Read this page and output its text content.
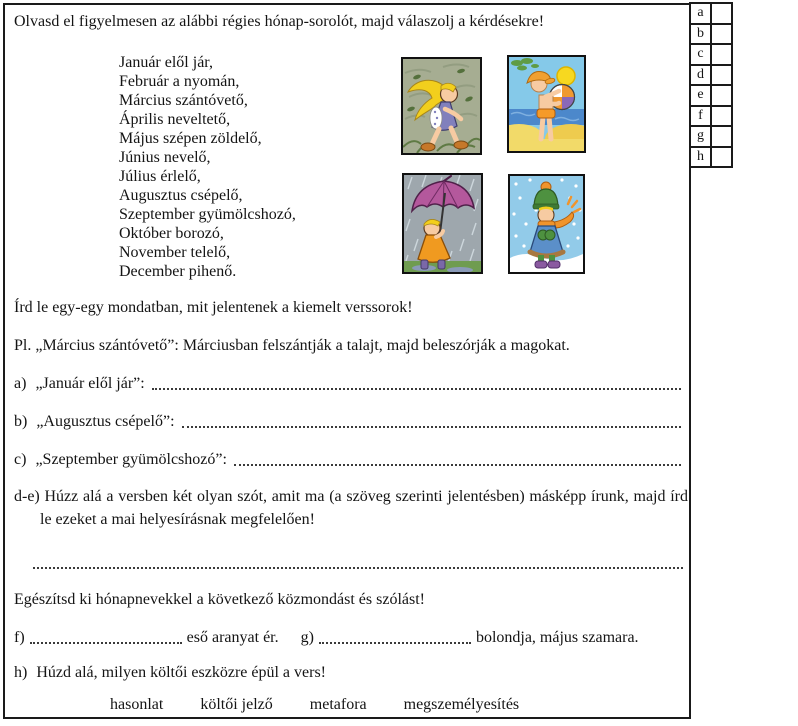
Olvasd el figyelmesen az alábbi régies hónap-sorolót, majd válaszolj a kérdésekre!
Január elől jár,
Február a nyomán,
Március szántóvető,
Április neveltető,
Május szépen zöldelő,
Június nevelő,
Július érlelő,
Augusztus csépelő,
Szeptember gyümölcshozó,
Október borozó,
November telelő,
December pihenő.
Írd le egy-egy mondatban, mit jelentenek a kiemelt verssorok!
Pl. „Március szántóvető”: Márciusban felszántják a talajt, majd beleszórják a magokat.
a) „Január elől jár”:
b) „Augusztus csépelő”:
c) „Szeptember gyümölcshozó”:
d-e) Húzz alá a versben két olyan szót, amit ma (a szöveg szerinti jelentésben) másképp írunk, majd írd le ezeket a mai helyesírásnak megfelelően!
Egészítsd ki hónapnevekkel a következő közmondást és szólást!
f)	eső aranyat ér. g)	bolondja, május szamara.
h) Húzd alá, milyen költői eszközre épül a vers!
hasonlat költői jelző metafora megszemélyesítés
a
b
c
d
e
f
g
h
